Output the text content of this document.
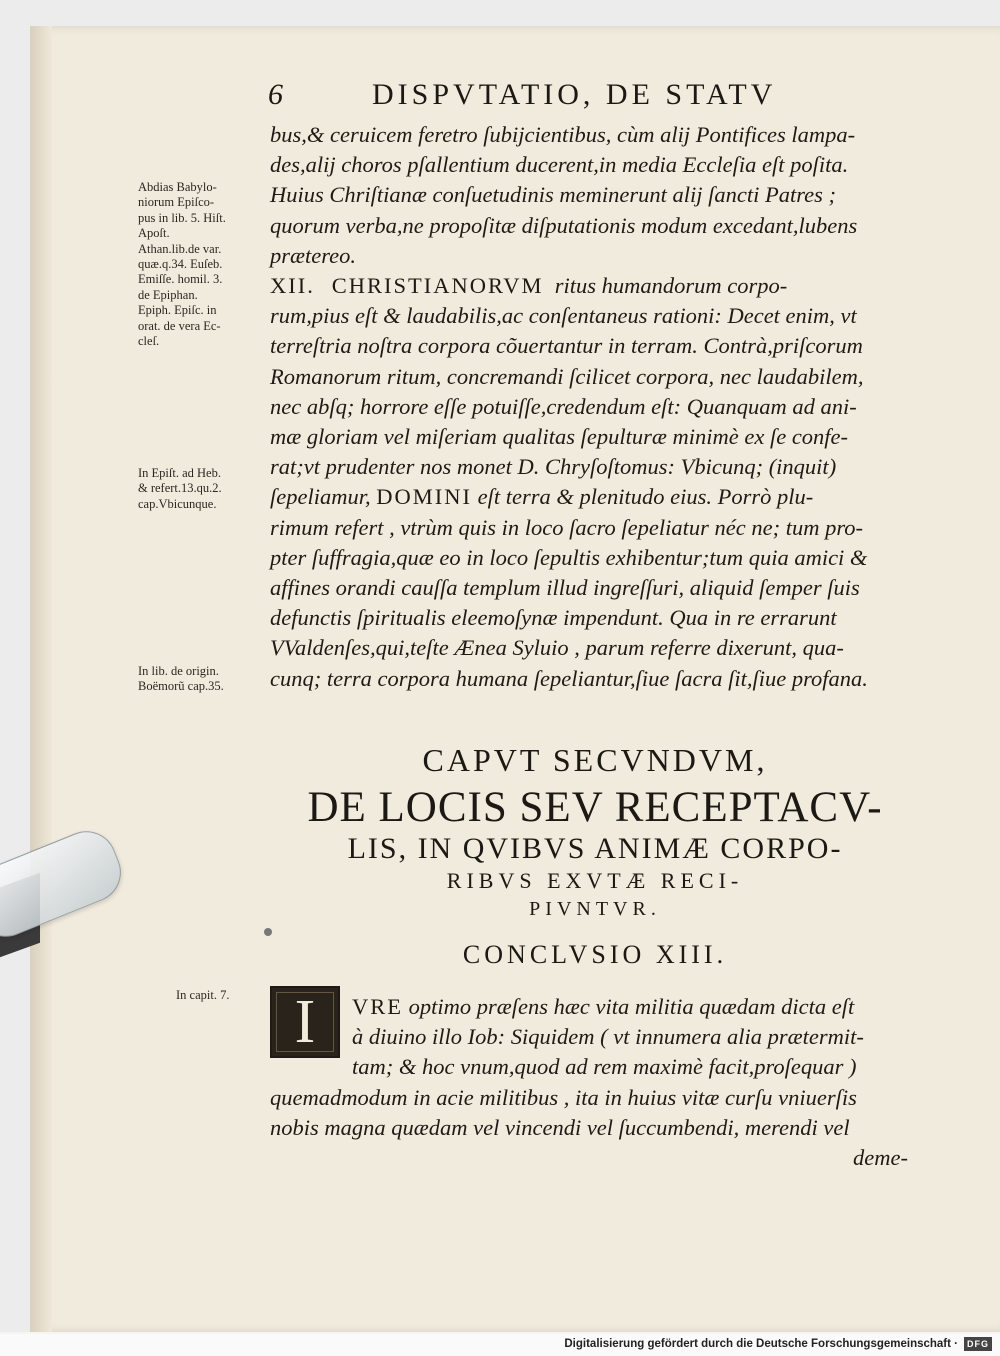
6	DISPVTATIO, DE STATV
Abdias Babylo-
niorum Epiſco-
pus in lib. 5. Hiſt.
Apoſt.
Athan.lib.de var.
quæ.q.34. Euſeb.
Emiſſe. homil. 3.
de Epiphan.
Epiph. Epiſc. in
orat. de vera Ec-
cleſ.
In Epiſt. ad Heb.
& refert.13.qu.2.
cap.Vbicunque.
In lib. de origin.
Boëmorũ cap.35.
In capit. 7.
bus,& ceruicem feretro ſubijcientibus, cùm alij Pontifices lampa-
des,alij choros pſallentium ducerent,in media Eccleſia eſt poſita.
Huius Chriſtianæ conſuetudinis meminerunt alij ſancti Patres ;
quorum verba,ne propoſitæ diſputationis modum excedant,lubens
prætereo.
XII. CHRISTIANORVM ritus humandorum corpo-
rum,pius eſt & laudabilis,ac conſentaneus rationi: Decet enim, vt
terreſtria noſtra corpora cõuertantur in terram. Contrà,priſcorum
Romanorum ritum, concremandi ſcilicet corpora, nec laudabilem,
nec abſq; horrore eſſe potuiſſe,credendum eſt: Quanquam ad ani-
mæ gloriam vel miſeriam qualitas ſepulturæ minimè ex ſe confe-
rat;vt prudenter nos monet D. Chryſoſtomus: Vbicunq; (inquit)
ſepeliamur, DOMINI eſt terra & plenitudo eius. Porrò plu-
rimum refert , vtrùm quis in loco ſacro ſepeliatur néc ne; tum pro-
pter ſuffragia,quæ eo in loco ſepultis exhibentur;tum quia amici &
affines orandi cauſſa templum illud ingreſſuri, aliquid ſemper ſuis
defunctis ſpiritualis eleemoſynæ impendunt. Qua in re errarunt
VValdenſes,qui,teſte Æneа Syluio , parum referre dixerunt, qua-
cunq; terra corpora humana ſepeliantur,ſiue ſacra ſit,ſiue profana.
CAPVT SECVNDVM,
DE LOCIS SEV RECEPTACV-
LIS, IN QVIBVS ANIMÆ CORPO-
RIBVS EXVTÆ RECI-
PIVNTVR.
CONCLVSIO XIII.
I	VRE optimo præſens hæc vita militia quædam dicta eſt
à diuino illo Iob: Siquidem ( vt innumera alia prætermit-
tam; & hoc vnum,quod ad rem maximè facit,proſequar )
quemadmodum in acie militibus , ita in huius vitæ curſu vniuerſis
nobis magna quædam vel vincendi vel ſuccumbendi, merendi vel
deme-
Digitalisierung gefördert durch die Deutsche Forschungsgemeinschaft ·	DFG
